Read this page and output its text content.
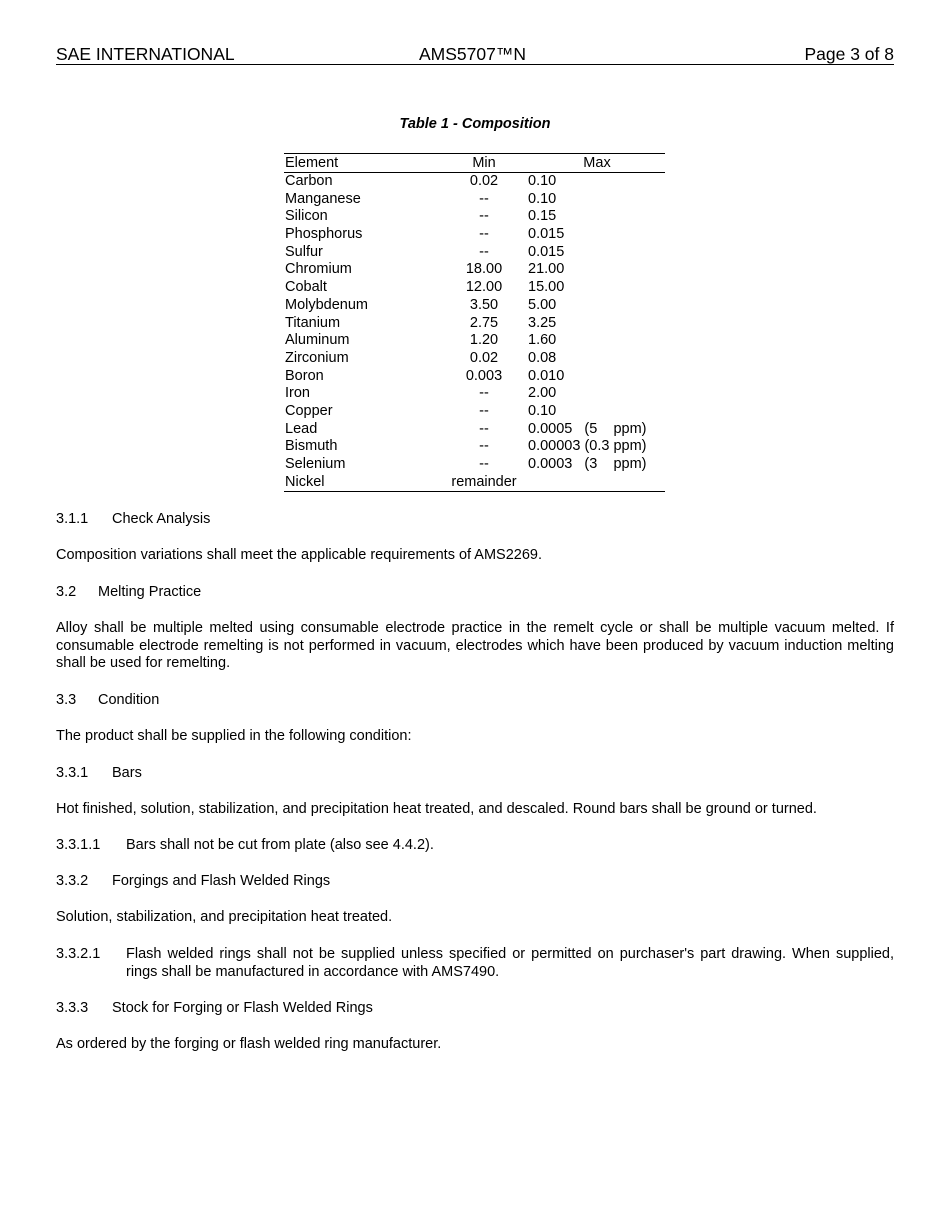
SAE INTERNATIONAL	AMS5707™N	Page 3 of 8
Table 1 - Composition
Element	Min	Max
Carbon	0.02	0.10
Manganese	--	0.10
Silicon	--	0.15
Phosphorus	--	0.015
Sulfur	--	0.015
Chromium	18.00	21.00
Cobalt	12.00	15.00
Molybdenum	3.50	5.00
Titanium	2.75	3.25
Aluminum	1.20	1.60
Zirconium	0.02	0.08
Boron	0.003	0.010
Iron	--	2.00
Copper	--	0.10
Lead	--	0.0005   (5    ppm)
Bismuth	--	0.00003 (0.3 ppm)
Selenium	--	0.0003   (3    ppm)
Nickel	remainder
3.1.1 Check Analysis
Composition variations shall meet the applicable requirements of AMS2269.
3.2 Melting Practice
Alloy shall be multiple melted using consumable electrode practice in the remelt cycle or shall be multiple vacuum melted. If consumable electrode remelting is not performed in vacuum, electrodes which have been produced by vacuum induction melting shall be used for remelting.
3.3 Condition
The product shall be supplied in the following condition:
3.3.1 Bars
Hot finished, solution, stabilization, and precipitation heat treated, and descaled. Round bars shall be ground or turned.
3.3.1.1 Bars shall not be cut from plate (also see 4.4.2).
3.3.2 Forgings and Flash Welded Rings
Solution, stabilization, and precipitation heat treated.
3.3.2.1 Flash welded rings shall not be supplied unless specified or permitted on purchaser's part drawing. When supplied, rings shall be manufactured in accordance with AMS7490.
3.3.3 Stock for Forging or Flash Welded Rings
As ordered by the forging or flash welded ring manufacturer.
